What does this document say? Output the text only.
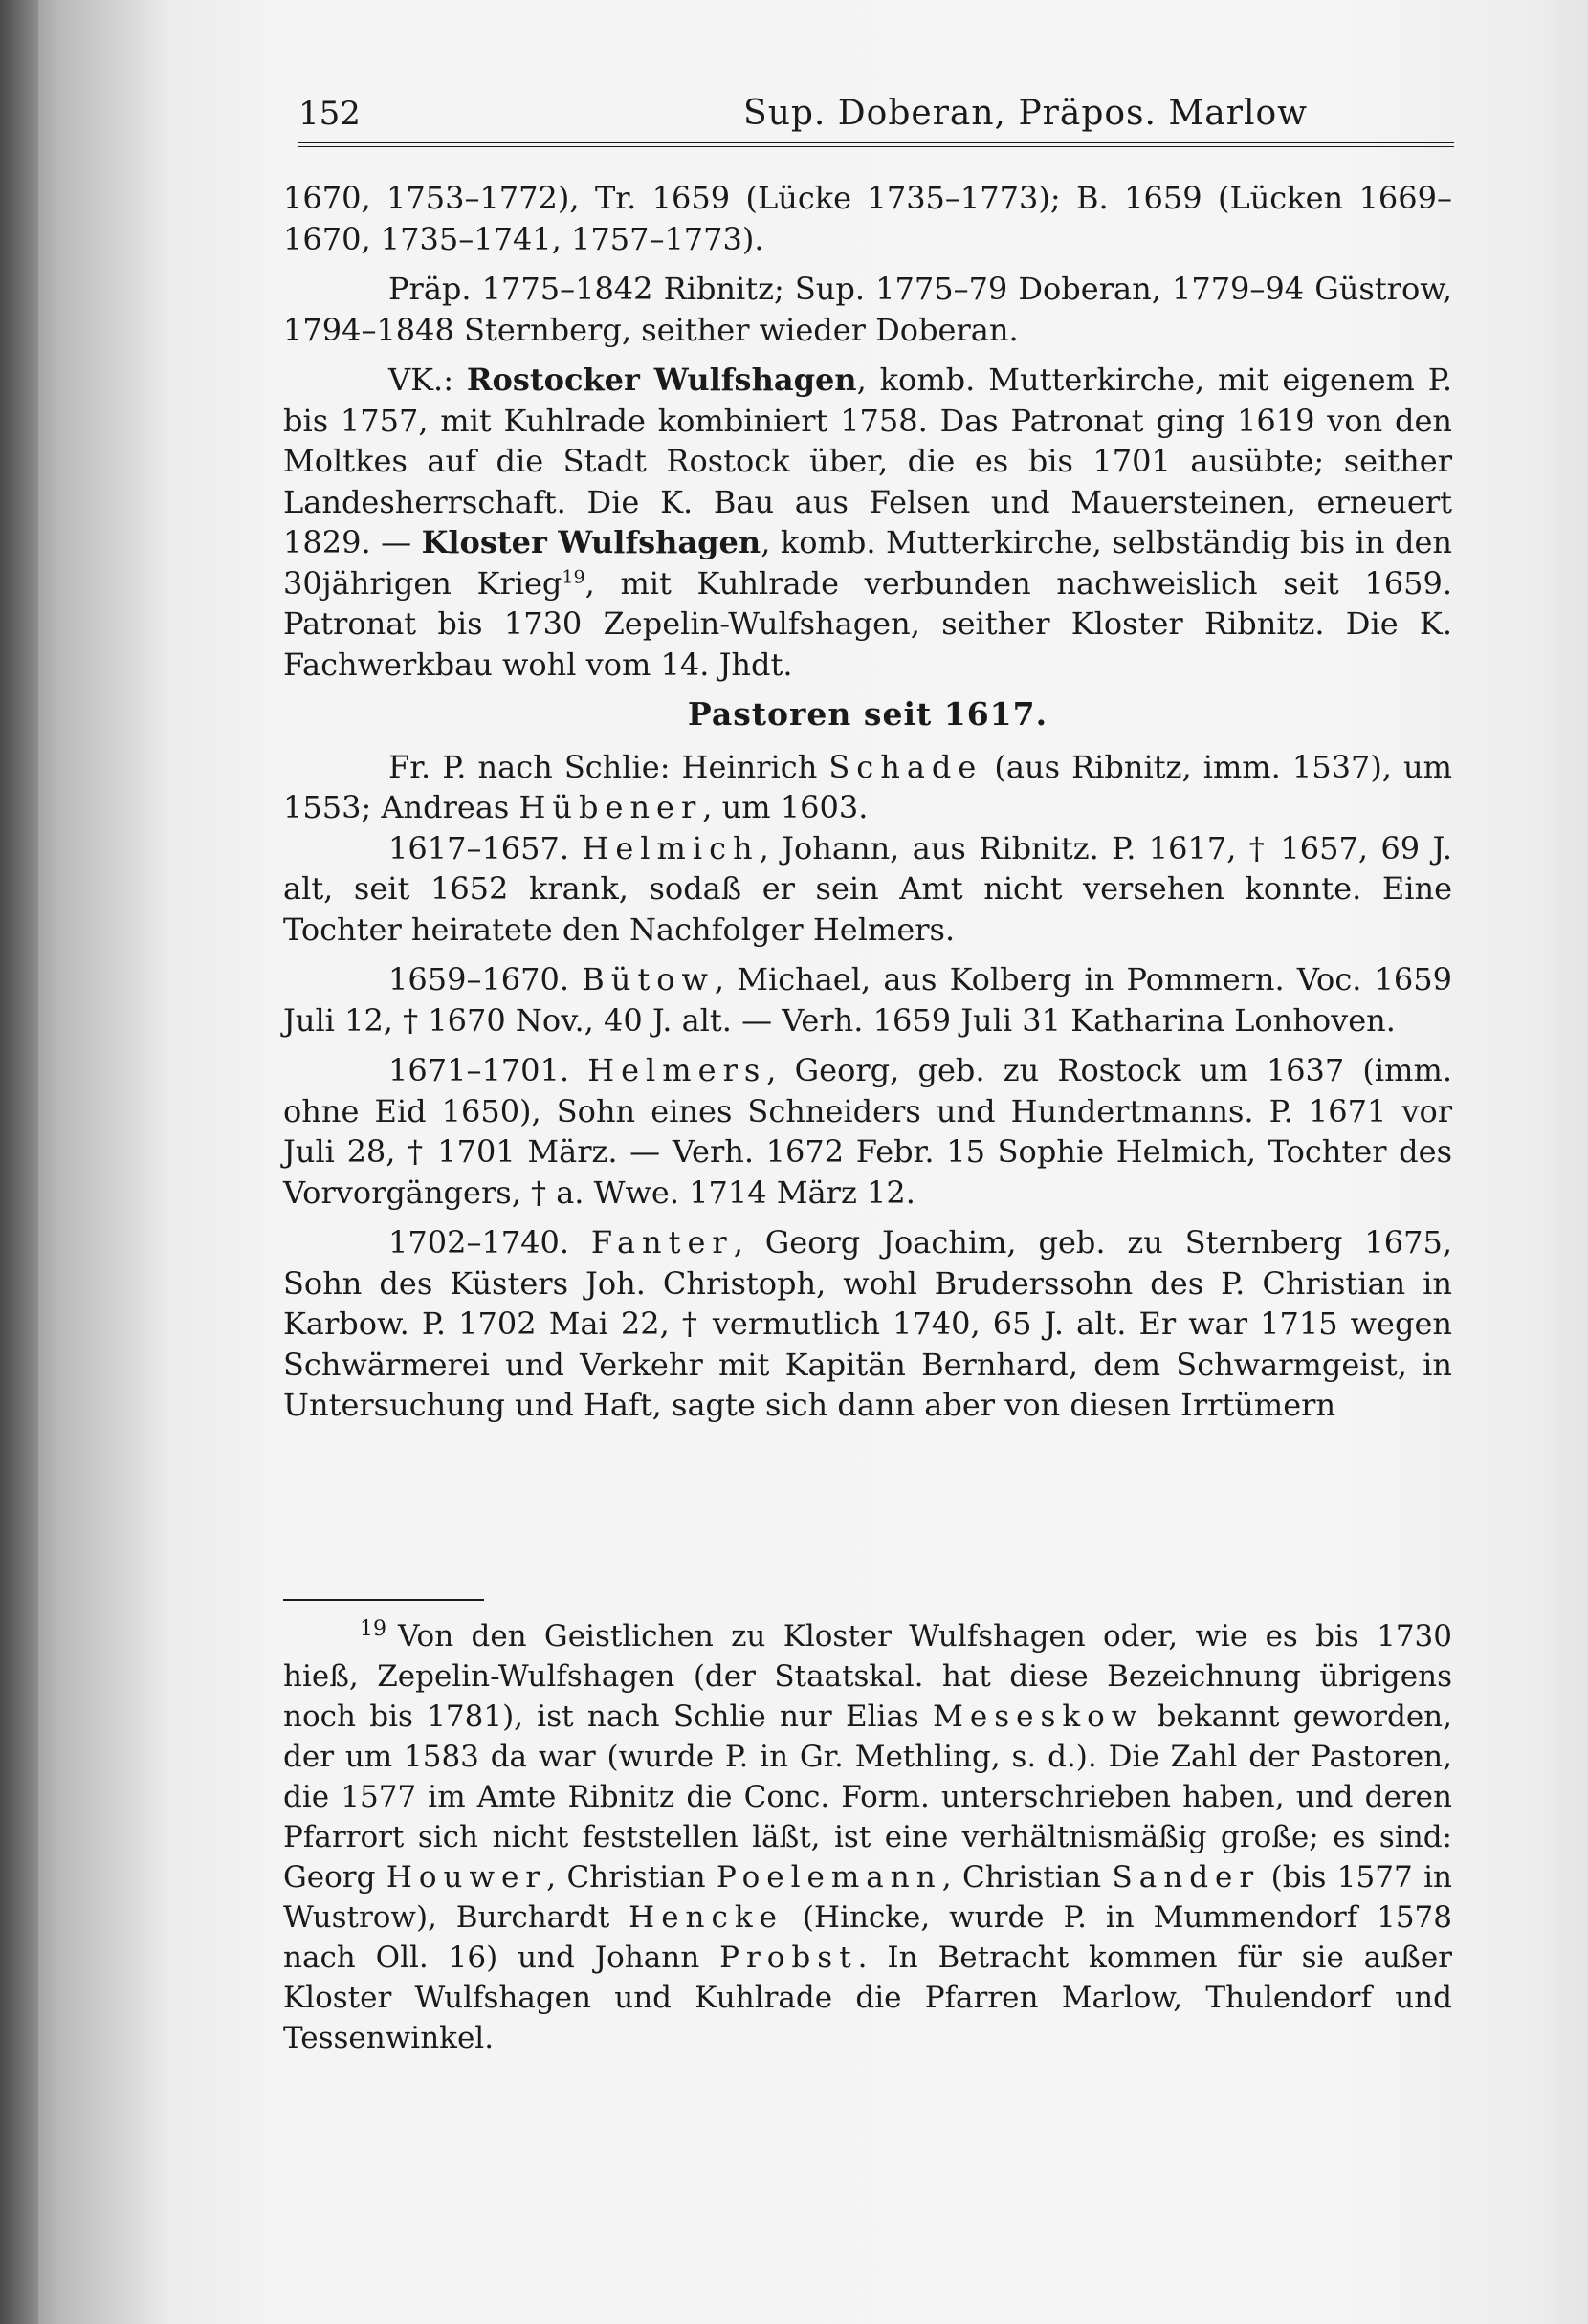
152	Sup. Doberan, Präpos. Marlow

1670, 1753–1772), Tr. 1659 (Lücke 1735–1773); B. 1659 (Lücken 1669–1670, 1735–1741, 1757–1773).

Präp. 1775–1842 Ribnitz; Sup. 1775–79 Doberan, 1779–94 Güstrow, 1794–1848 Sternberg, seither wieder Doberan.

VK.: Rostocker Wulfshagen, komb. Mutterkirche, mit eigenem P. bis 1757, mit Kuhlrade kombiniert 1758. Das Patronat ging 1619 von den Moltkes auf die Stadt Rostock über, die es bis 1701 ausübte; seither Landesherrschaft. Die K. Bau aus Felsen und Mauersteinen, erneuert 1829. — Kloster Wulfshagen, komb. Mutterkirche, selbständig bis in den 30jährigen Krieg$^{19}$, mit Kuhlrade verbunden nachweislich seit 1659. Patronat bis 1730 Zepelin-Wulfshagen, seither Kloster Ribnitz. Die K. Fachwerkbau wohl vom 14. Jhdt.

Pastoren seit 1617.

Fr. P. nach Schlie: Heinrich Schade (aus Ribnitz, imm. 1537), um 1553; Andreas Hübener, um 1603.

1617–1657. Helmich, Johann, aus Ribnitz. P. 1617, † 1657, 69 J. alt, seit 1652 krank, sodaß er sein Amt nicht versehen konnte. Eine Tochter heiratete den Nachfolger Helmers.

1659–1670. Bütow, Michael, aus Kolberg in Pommern. Voc. 1659 Juli 12, † 1670 Nov., 40 J. alt. — Verh. 1659 Juli 31 Katharina Lonhoven.

1671–1701. Helmers, Georg, geb. zu Rostock um 1637 (imm. ohne Eid 1650), Sohn eines Schneiders und Hundertmanns. P. 1671 vor Juli 28, † 1701 März. — Verh. 1672 Febr. 15 Sophie Helmich, Tochter des Vorvorgängers, † a. Wwe. 1714 März 12.

1702–1740. Fanter, Georg Joachim, geb. zu Sternberg 1675, Sohn des Küsters Joh. Christoph, wohl Bruderssohn des P. Christian in Karbow. P. 1702 Mai 22, † vermutlich 1740, 65 J. alt. Er war 1715 wegen Schwärmerei und Verkehr mit Kapitän Bernhard, dem Schwarmgeist, in Untersuchung und Haft, sagte sich dann aber von diesen Irrtümern

$^{19}$ Von den Geistlichen zu Kloster Wulfshagen oder, wie es bis 1730 hieß, Zepelin-Wulfshagen (der Staatskal. hat diese Bezeichnung übrigens noch bis 1781), ist nach Schlie nur Elias Meseskow bekannt geworden, der um 1583 da war (wurde P. in Gr. Methling, s. d.). Die Zahl der Pastoren, die 1577 im Amte Ribnitz die Conc. Form. unterschrieben haben, und deren Pfarrort sich nicht feststellen läßt, ist eine verhältnismäßig große; es sind: Georg Houwer, Christian Poelemann, Christian Sander (bis 1577 in Wustrow), Burchardt Hencke (Hincke, wurde P. in Mummendorf 1578 nach Oll. 16) und Johann Probst. In Betracht kommen für sie außer Kloster Wulfshagen und Kuhlrade die Pfarren Marlow, Thulendorf und Tessenwinkel.
